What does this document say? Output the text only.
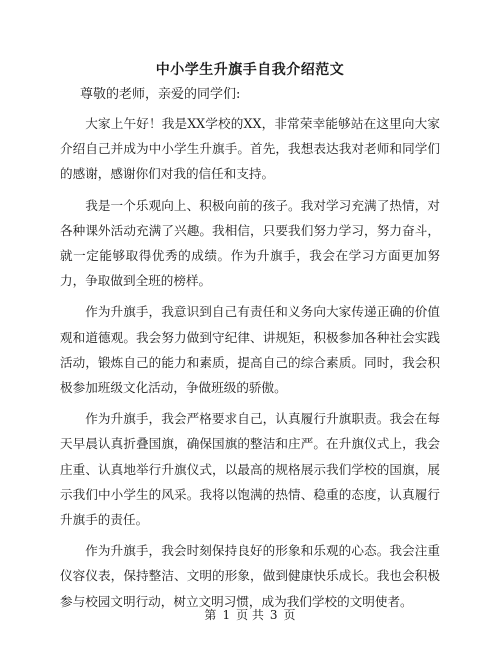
中小学生升旗手自我介绍范文
尊敬的老师，亲爱的同学们:

大家上午好！我是XX学校的XX，非常荣幸能够站在这里向大家介绍自己并成为中小学生升旗手。首先，我想表达我对老师和同学们的感谢，感谢你们对我的信任和支持。

我是一个乐观向上、积极向前的孩子。我对学习充满了热情，对各种课外活动充满了兴趣。我相信，只要我们努力学习，努力奋斗，就一定能够取得优秀的成绩。作为升旗手，我会在学习方面更加努力，争取做到全班的榜样。

作为升旗手，我意识到自己有责任和义务向大家传递正确的价值观和道德观。我会努力做到守纪律、讲规矩，积极参加各种社会实践活动，锻炼自己的能力和素质，提高自己的综合素质。同时，我会积极参加班级文化活动，争做班级的骄傲。

作为升旗手，我会严格要求自己，认真履行升旗职责。我会在每天早晨认真折叠国旗，确保国旗的整洁和庄严。在升旗仪式上，我会庄重、认真地举行升旗仪式，以最高的规格展示我们学校的国旗，展示我们中小学生的风采。我将以饱满的热情、稳重的态度，认真履行升旗手的责任。

作为升旗手，我会时刻保持良好的形象和乐观的心态。我会注重仪容仪表，保持整洁、文明的形象，做到健康快乐成长。我也会积极参与校园文明行动，树立文明习惯，成为我们学校的文明使者。

第 1 页 共 3 页
